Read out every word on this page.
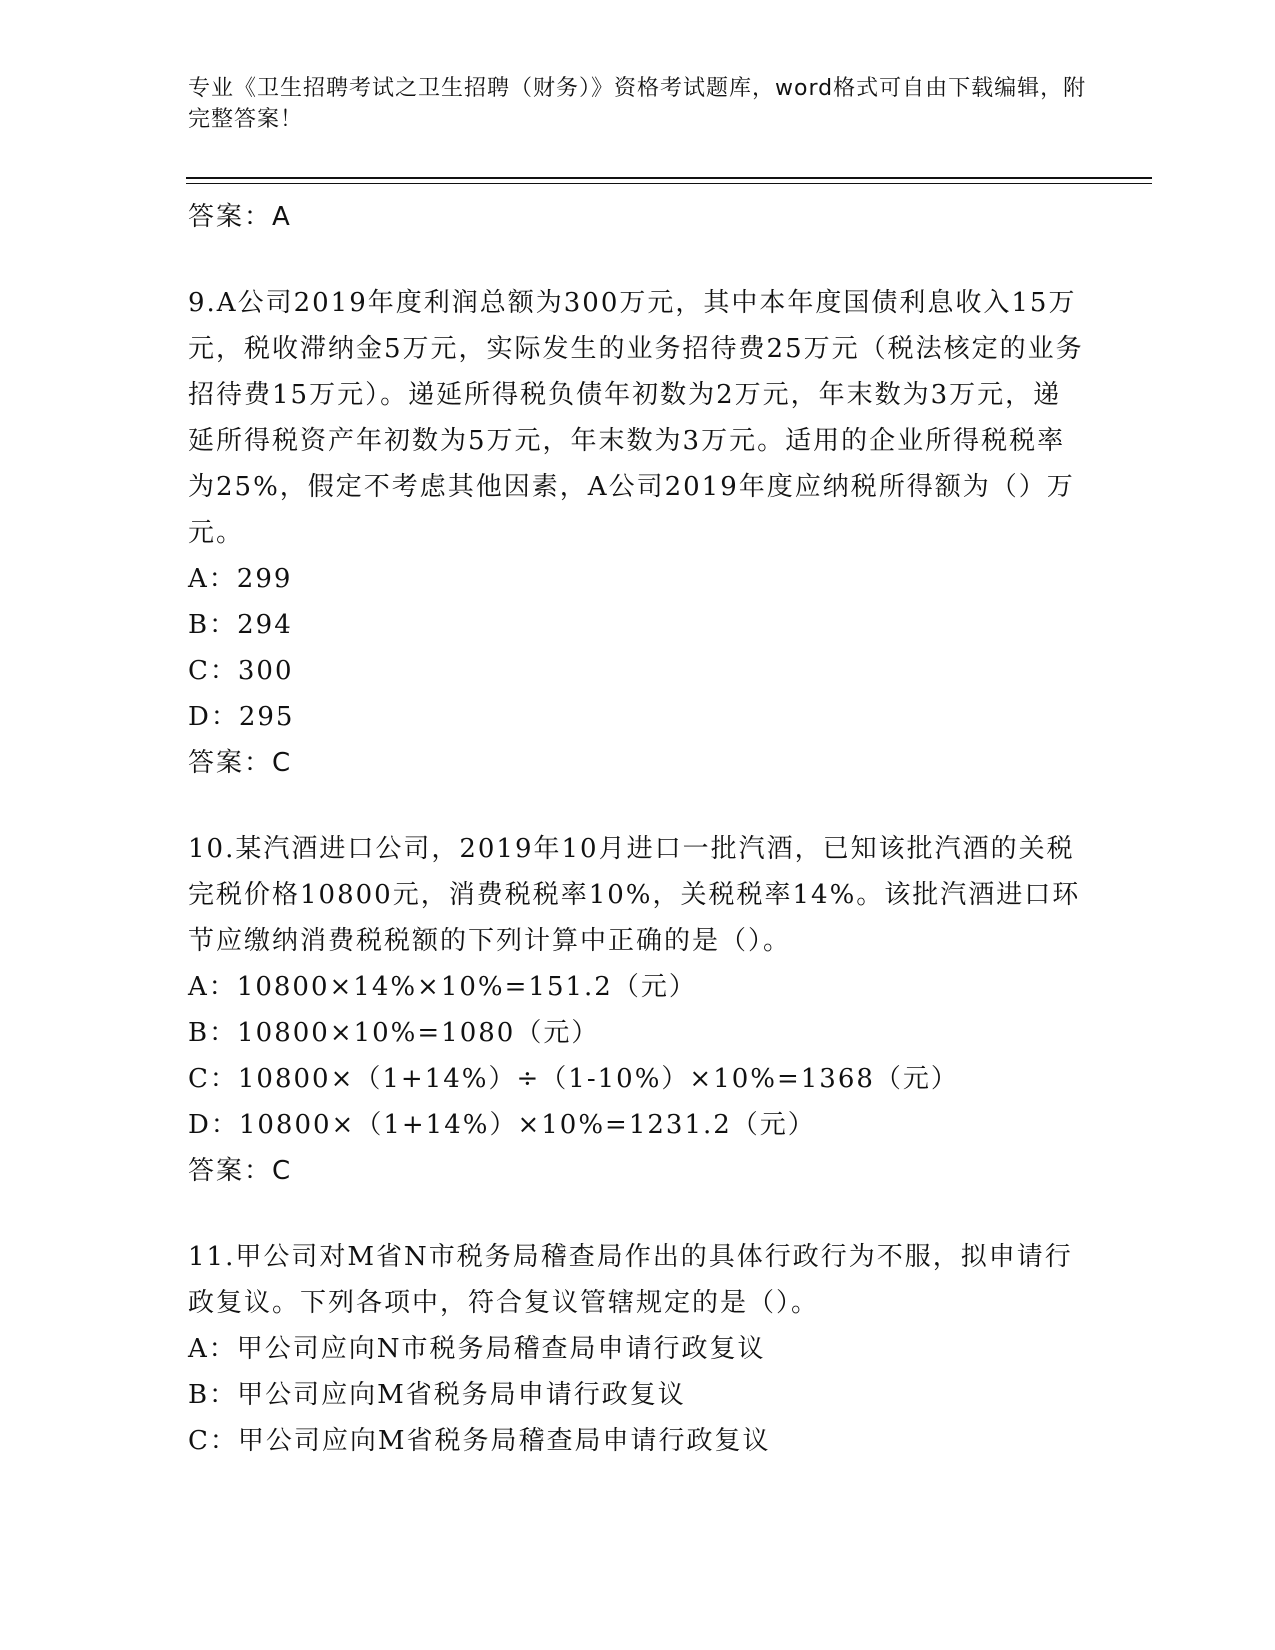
专业《卫生招聘考试之卫生招聘（财务）》资格考试题库，word格式可自由下载编辑，附完整答案！
答案：A
9.A公司2019年度利润总额为300万元，其中本年度国债利息收入15万元，税收滞纳金5万元，实际发生的业务招待费25万元（税法核定的业务招待费15万元）。递延所得税负债年初数为2万元，年末数为3万元，递延所得税资产年初数为5万元，年末数为3万元。适用的企业所得税税率为25%，假定不考虑其他因素，A公司2019年度应纳税所得额为（）万元。
A：299
B：294
C：300
D：295
答案：C
10.某汽酒进口公司，2019年10月进口一批汽酒，已知该批汽酒的关税完税价格10800元，消费税税率10%，关税税率14%。该批汽酒进口环节应缴纳消费税税额的下列计算中正确的是（）。
A：10800×14%×10%=151.2（元）
B：10800×10%=1080（元）
C：10800×（1+14%）÷（1-10%）×10%=1368（元）
D：10800×（1+14%）×10%=1231.2（元）
答案：C
11.甲公司对M省N市税务局稽查局作出的具体行政行为不服，拟申请行政复议。下列各项中，符合复议管辖规定的是（）。
A：甲公司应向N市税务局稽查局申请行政复议
B：甲公司应向M省税务局申请行政复议
C：甲公司应向M省税务局稽查局申请行政复议
